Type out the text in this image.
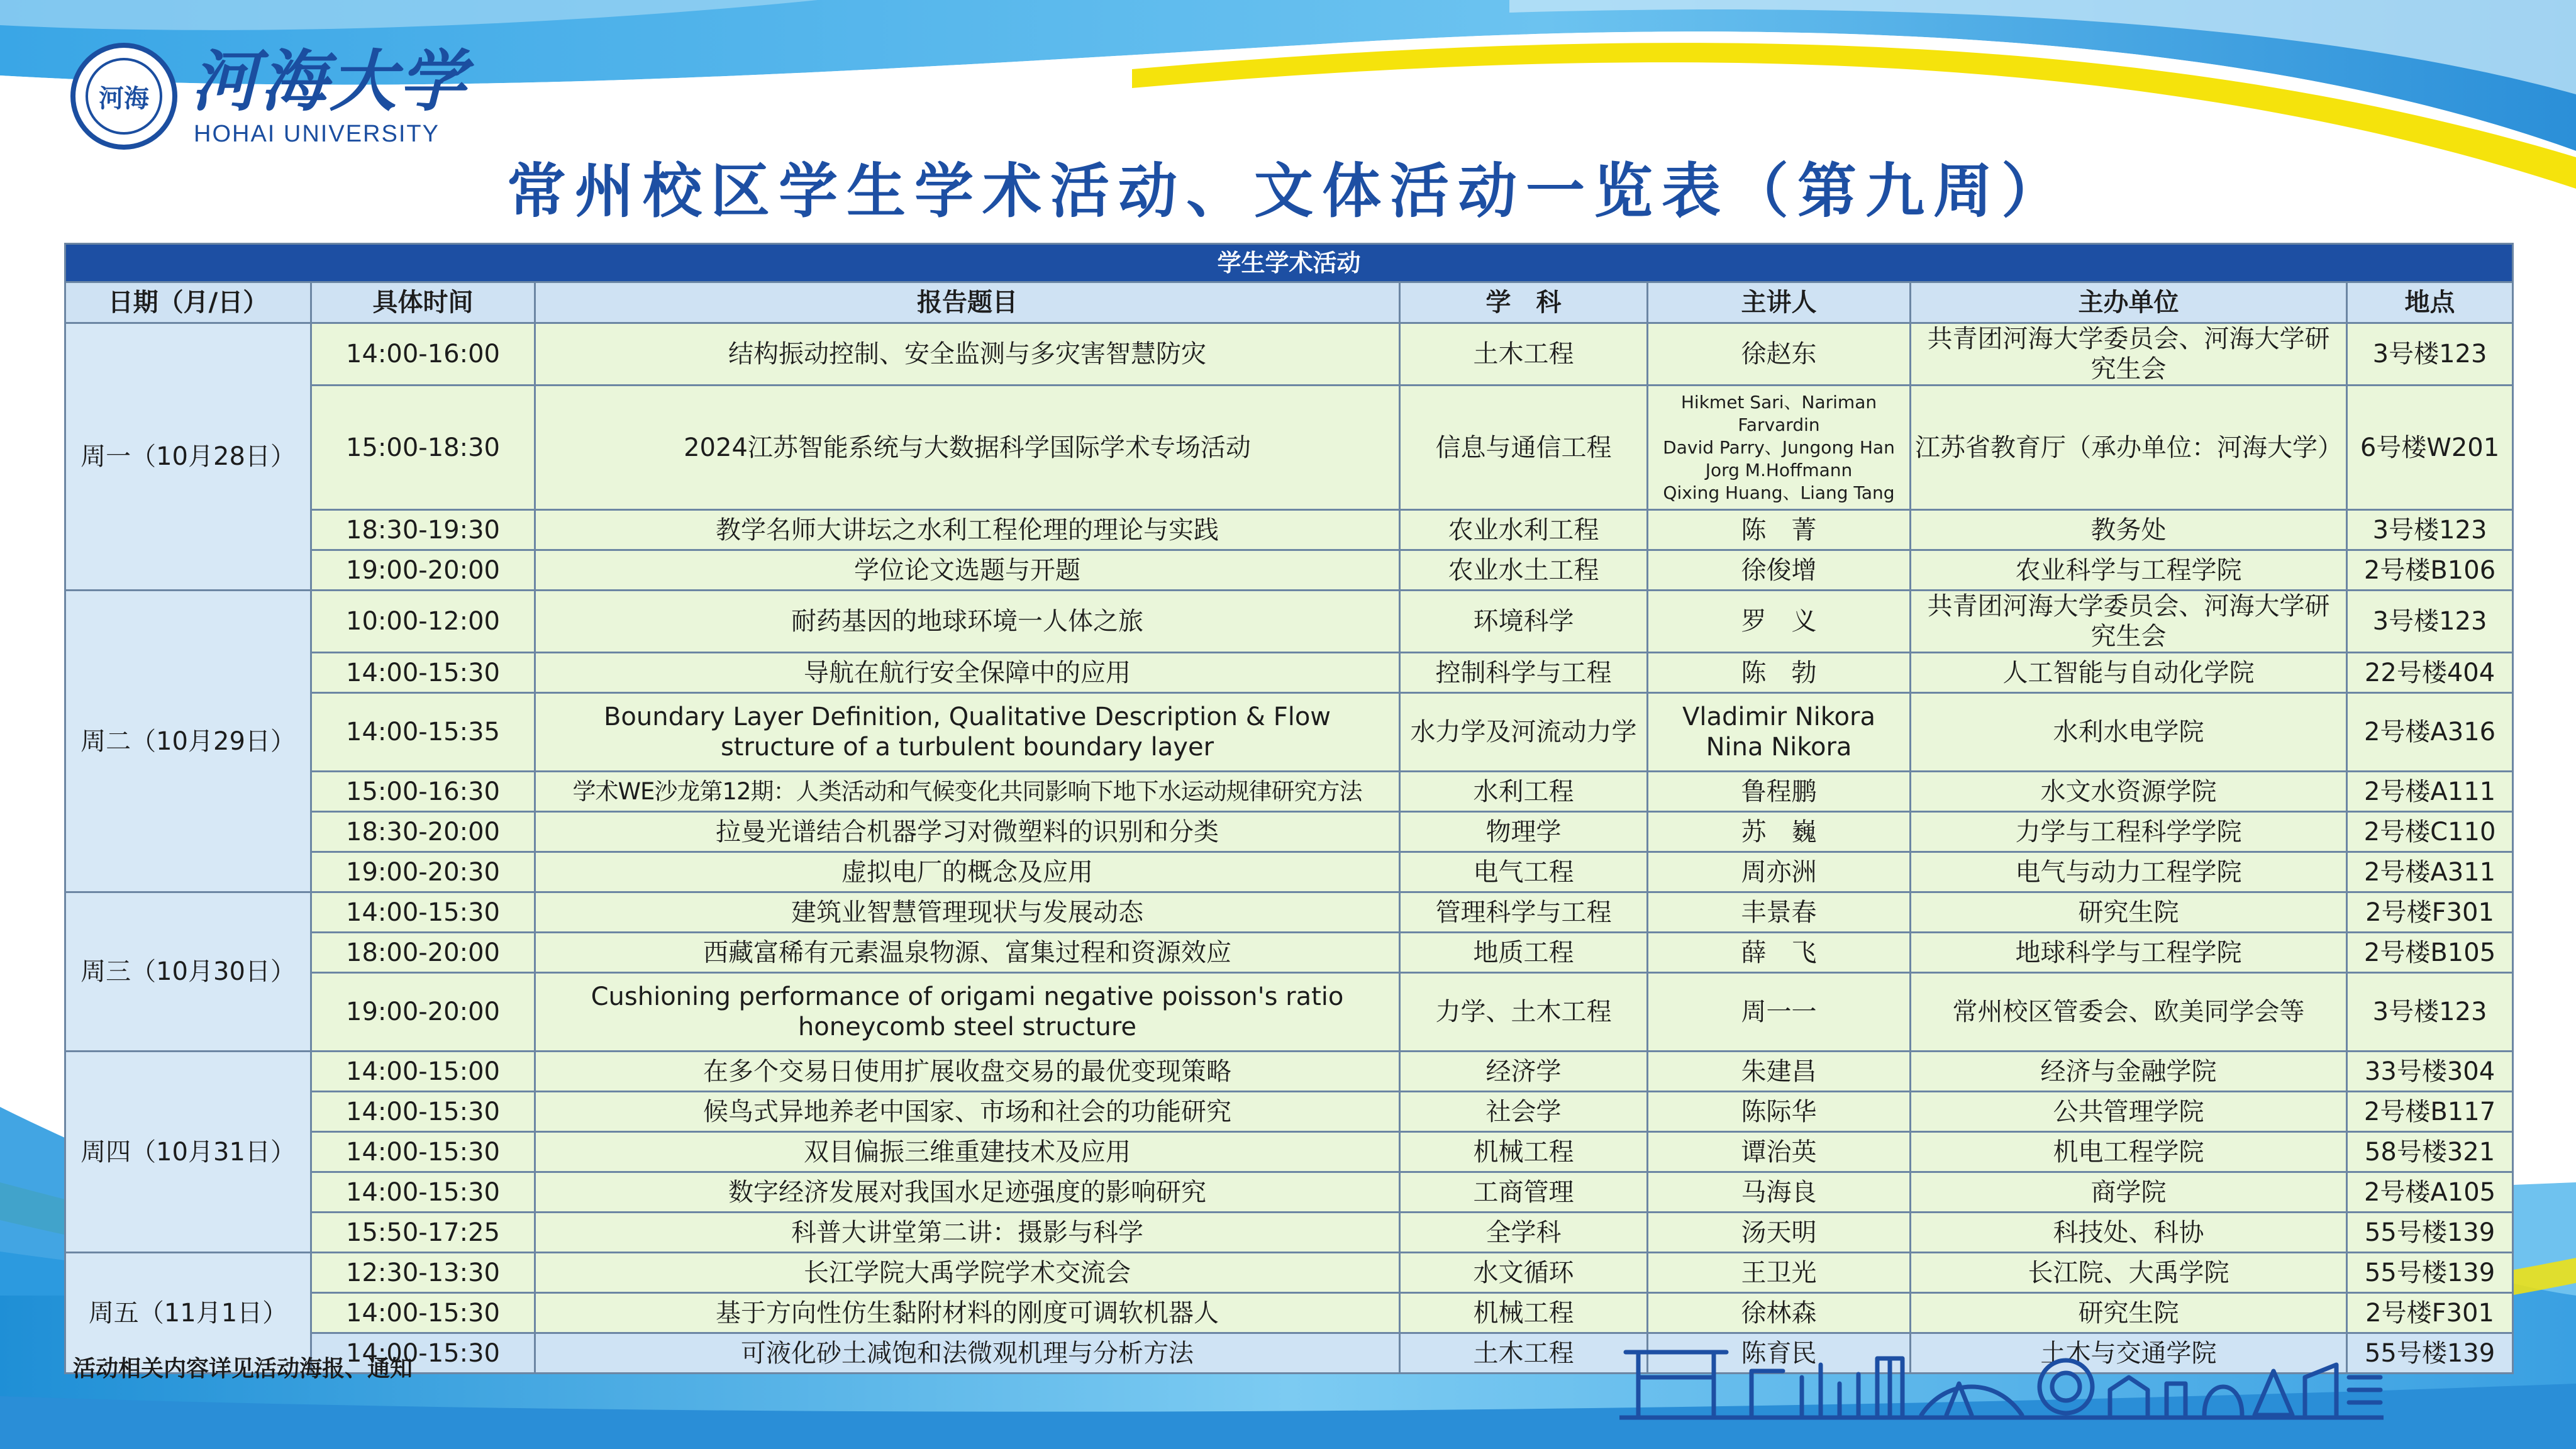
河海 河海大学
HOHAI UNIVERSITY
常州校区学生学术活动、文体活动一览表（第九周）
学生学术活动						
日期（月/日）	具体时间	报告题目	学　科	主讲人	主办单位	地点
周一（10月28日）	14:00-16:00	结构振动控制、安全监测与多灾害智慧防灾	土木工程	徐赵东	共青团河海大学委员会、河海大学研究生会	3号楼123
	15:00-18:30	2024江苏智能系统与大数据科学国际学术专场活动	信息与通信工程	Hikmet Sari、Nariman Farvardin
David Parry、Jungong Han
Jorg M.Hoffmann
Qixing Huang、Liang Tang	江苏省教育厅（承办单位：河海大学）	6号楼W201
	18:30-19:30	教学名师大讲坛之水利工程伦理的理论与实践	农业水利工程	陈　菁	教务处	3号楼123
	19:00-20:00	学位论文选题与开题	农业水土工程	徐俊增	农业科学与工程学院	2号楼B106
周二（10月29日）	10:00-12:00	耐药基因的地球环境一人体之旅	环境科学	罗　义	共青团河海大学委员会、河海大学研究生会	3号楼123
	14:00-15:30	导航在航行安全保障中的应用	控制科学与工程	陈　勃	人工智能与自动化学院	22号楼404
	14:00-15:35	Boundary Layer Definition, Qualitative Description & Flow
structure of a turbulent boundary layer	水力学及河流动力学	Vladimir Nikora
Nina Nikora	水利水电学院	2号楼A316
	15:00-16:30	学术WE沙龙第12期：人类活动和气候变化共同影响下地下水运动规律研究方法	水利工程	鲁程鹏	水文水资源学院	2号楼A111
	18:30-20:00	拉曼光谱结合机器学习对微塑料的识别和分类	物理学	苏　巍	力学与工程科学学院	2号楼C110
	19:00-20:30	虚拟电厂的概念及应用	电气工程	周亦洲	电气与动力工程学院	2号楼A311
周三（10月30日）	14:00-15:30	建筑业智慧管理现状与发展动态	管理科学与工程	丰景春	研究生院	2号楼F301
	18:00-20:00	西藏富稀有元素温泉物源、富集过程和资源效应	地质工程	薛　飞	地球科学与工程学院	2号楼B105
	19:00-20:00	Cushioning performance of origami negative poisson's ratio
honeycomb steel structure	力学、土木工程	周一一	常州校区管委会、欧美同学会等	3号楼123
周四（10月31日）	14:00-15:00	在多个交易日使用扩展收盘交易的最优变现策略	经济学	朱建昌	经济与金融学院	33号楼304
	14:00-15:30	候鸟式异地养老中国家、市场和社会的功能研究	社会学	陈际华	公共管理学院	2号楼B117
	14:00-15:30	双目偏振三维重建技术及应用	机械工程	谭治英	机电工程学院	58号楼321
	14:00-15:30	数字经济发展对我国水足迹强度的影响研究	工商管理	马海良	商学院	2号楼A105
	15:50-17:25	科普大讲堂第二讲：摄影与科学	全学科	汤天明	科技处、科协	55号楼139
周五（11月1日）	12:30-13:30	长江学院大禹学院学术交流会	水文循环	王卫光	长江院、大禹学院	55号楼139
	14:00-15:30	基于方向性仿生黏附材料的刚度可调软机器人	机械工程	徐林森	研究生院	2号楼F301
	14:00-15:30	可液化砂土减饱和法微观机理与分析方法	土木工程	陈育民	土木与交通学院	55号楼139
活动相关内容详见活动海报、通知
